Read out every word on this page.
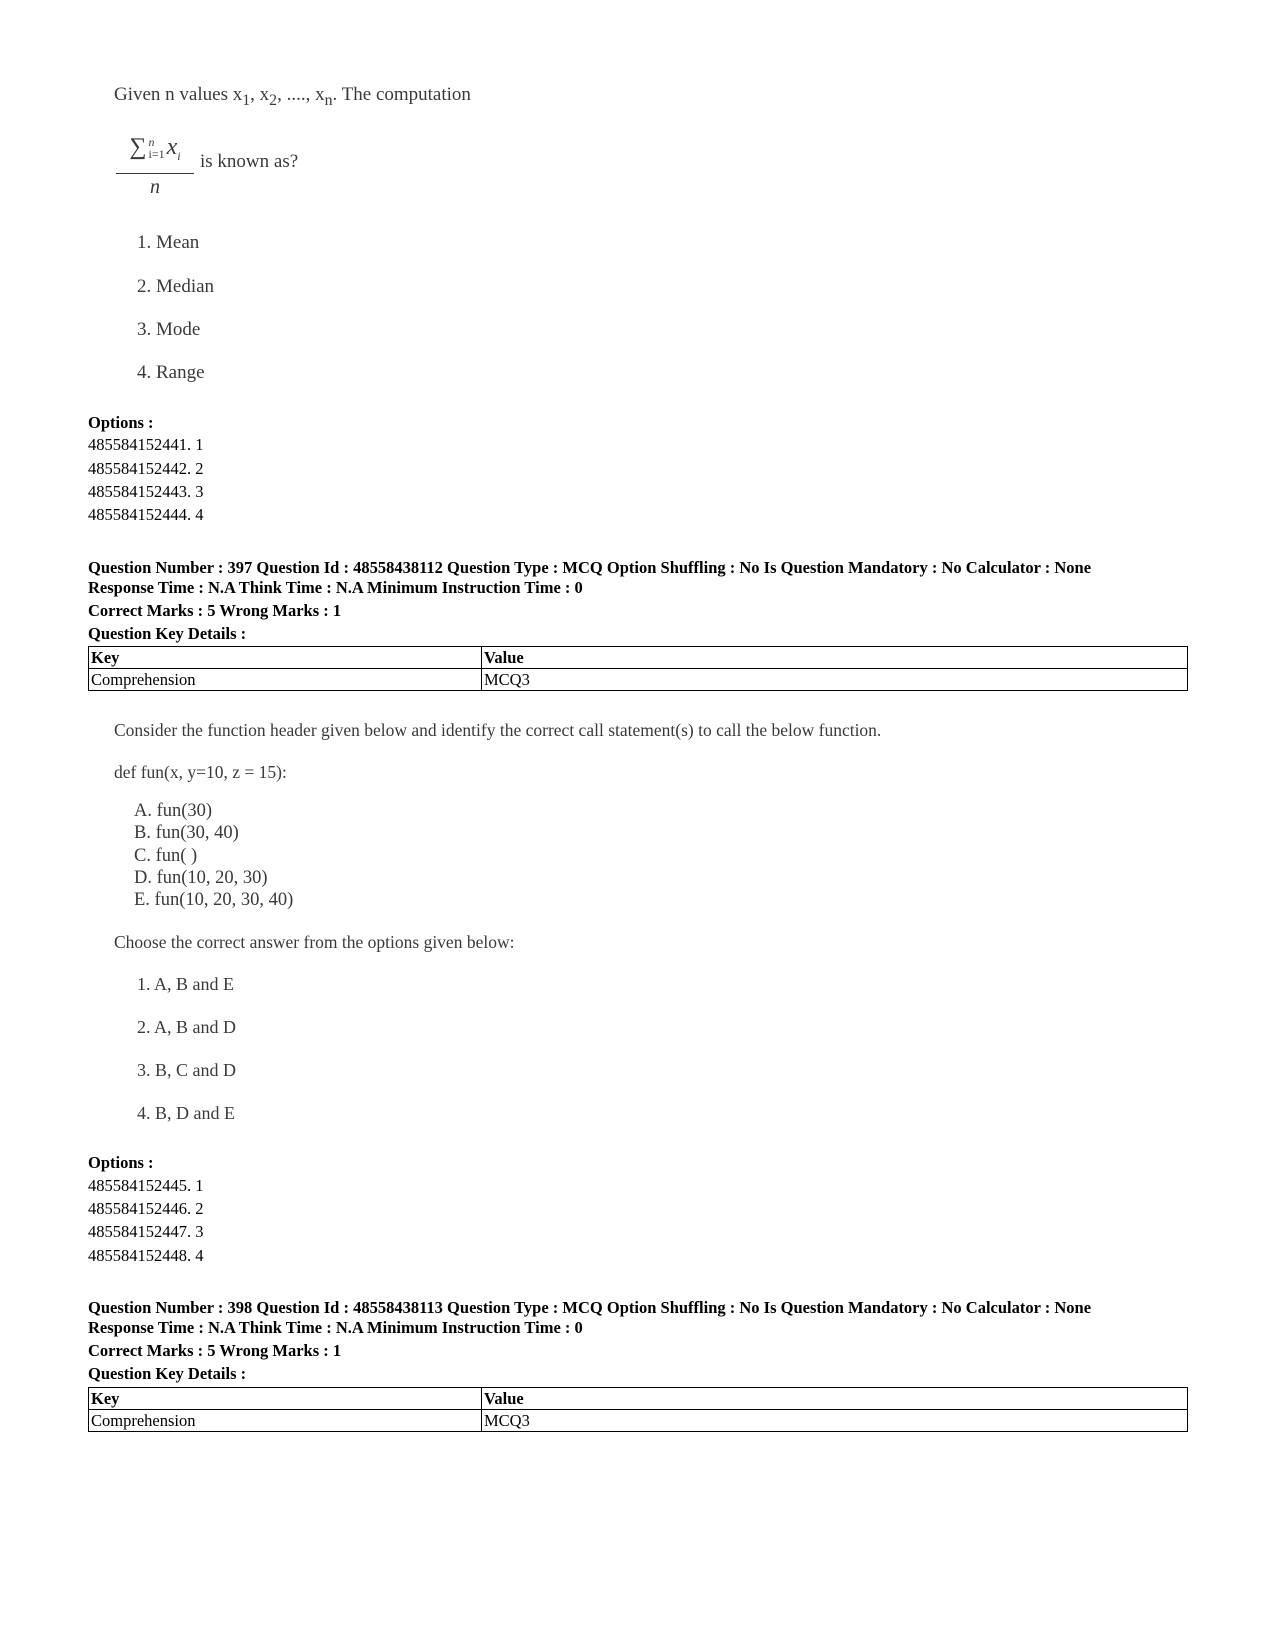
Given n values $x_1$, $x_2$, ...., $x_n$. The computation
∑ n
i=1 $x_i$
n is known as?
1. Mean
2. Median
3. Mode
4. Range
Options :
485584152441. 1
485584152442. 2
485584152443. 3
485584152444. 4
Question Number : 397 Question Id : 48558438112 Question Type : MCQ Option Shuffling : No Is Question Mandatory : No Calculator : None
Response Time : N.A Think Time : N.A Minimum Instruction Time : 0
Correct Marks : 5 Wrong Marks : 1
Question Key Details :
Key	Value
Comprehension	MCQ3
Consider the function header given below and identify the correct call statement(s) to call the below function.
def fun(x, y=10, z = 15):
A. fun(30)
B. fun(30, 40)
C. fun( )
D. fun(10, 20, 30)
E. fun(10, 20, 30, 40)
Choose the correct answer from the options given below:
1. A, B and E
2. A, B and D
3. B, C and D
4. B, D and E
Options :
485584152445. 1
485584152446. 2
485584152447. 3
485584152448. 4
Question Number : 398 Question Id : 48558438113 Question Type : MCQ Option Shuffling : No Is Question Mandatory : No Calculator : None
Response Time : N.A Think Time : N.A Minimum Instruction Time : 0
Correct Marks : 5 Wrong Marks : 1
Question Key Details :
Key	Value
Comprehension	MCQ3
